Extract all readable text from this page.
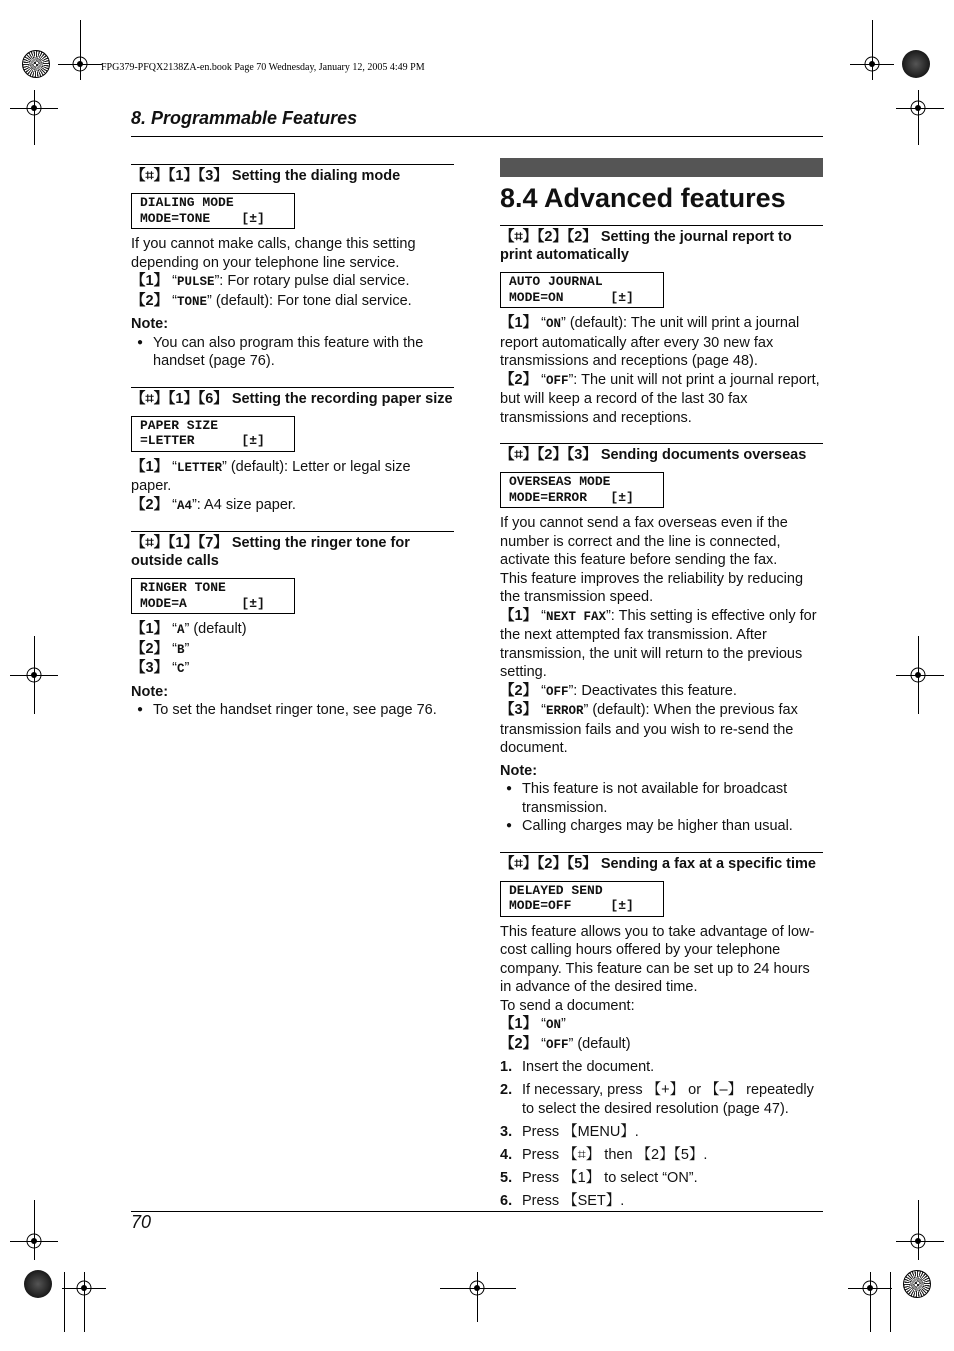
FPG379-PFQX2138ZA-en.book Page 70 Wednesday, January 12, 2005 4:49 PM
8. Programmable Features
【⌗】【1】【3】 Setting the dialing mode
DIALING MODE
MODE=TONE    [±]

If you cannot make calls, change this setting depending on your telephone line service.

【1】 “PULSE”: For rotary pulse dial service.

【2】 “TONE” (default): For tone dial service.

Note:
● You can also program this feature with the handset (page 76).
【⌗】【1】【6】 Setting the recording paper size
PAPER SIZE
=LETTER      [±]

【1】 “LETTER” (default): Letter or legal size paper.

【2】 “A4”: A4 size paper.

【⌗】【1】【7】 Setting the ringer tone for outside calls
RINGER TONE
MODE=A       [±]

【1】 “A” (default)

【2】 “B”

【3】 “C”

Note:
● To set the handset ringer tone, see page 76.
8.4 Advanced features
【⌗】【2】【2】 Setting the journal report to print automatically
AUTO JOURNAL
MODE=ON      [±]

【1】 “ON” (default): The unit will print a journal report automatically after every 30 new fax transmissions and receptions (page 48).

【2】 “OFF”: The unit will not print a journal report, but will keep a record of the last 30 fax transmissions and receptions.

【⌗】【2】【3】 Sending documents overseas
OVERSEAS MODE
MODE=ERROR   [±]

If you cannot send a fax overseas even if the number is correct and the line is connected, activate this feature before sending the fax.

This feature improves the reliability by reducing the transmission speed.

【1】 “NEXT FAX”: This setting is effective only for the next attempted fax transmission. After transmission, the unit will return to the previous setting.

【2】 “OFF”: Deactivates this feature.

【3】 “ERROR” (default): When the previous fax transmission fails and you wish to re-send the document.

Note:
● This feature is not available for broadcast transmission.
● Calling charges may be higher than usual.
【⌗】【2】【5】 Sending a fax at a specific time
DELAYED SEND
MODE=OFF     [±]

This feature allows you to take advantage of low-cost calling hours offered by your telephone company. This feature can be set up to 24 hours in advance of the desired time.

To send a document:

【1】 “ON”

【2】 “OFF” (default)

1. Insert the document.
2. If necessary, press 【+】 or 【–】 repeatedly to select the desired resolution (page 47).
3. Press 【MENU】.
4. Press 【⌗】 then 【2】【5】.
5. Press 【1】 to select “ON”.
6. Press 【SET】.
70
